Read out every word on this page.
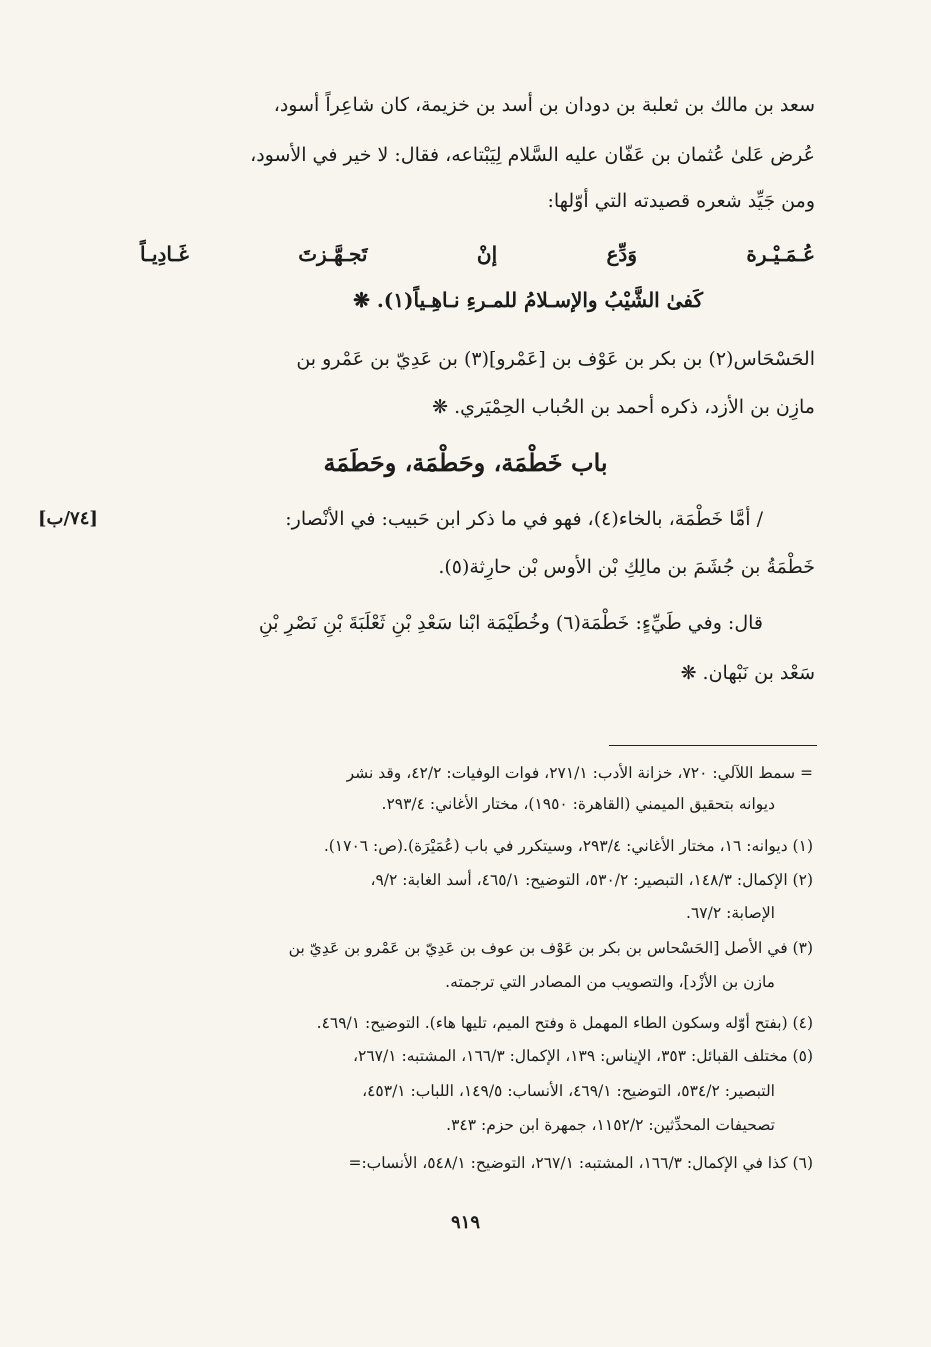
سعد بن مالك بن ثعلبة بن دودان بن أسد بن خزيمة، كان شاعِراً أسود،
عُرض عَلىٰ عُثمان بن عَفّان عليه السَّلام لِيَبْتاعه، فقال: لا خير في الأسود،
ومن جَيِّد شعره قصيدته التي أوّلها:
عُـمَـيْـرة
وَدِّع
إنْ
تَجـهَّـزتَ
غَـادِيـاً
كَفىٰ الشَّيْبُ والإسـلامُ للمـرءِ نـاهِـياً(١). ❋
الحَسْحَاس(٢) بن بكر بن عَوْف بن [عَمْرو](٣) بن عَدِيّ بن عَمْرو بن
مازِن بن الأزد، ذكره أحمد بن الحُباب الحِمْيَري. ❋
باب خَطْمَة، وحَطْمَة، وحَطَمَة
[٧٤/ب]	/ أمَّا خَطْمَة، بالخاء(٤)، فهو في ما ذكر ابن حَبيب: في الأنْصار:
خَطْمَةُ بن جُشَمَ بن مالِكِ بْن الأوس بْن حارِثة(٥).
قال: وفي طَيِّءٍ: خَطْمَة(٦) وخُطَيْمَة ابْنا سَعْدِ بْنِ ثَعْلَبَةَ بْنِ نَصْرِ بْنِ
سَعْد بن نَبْهان. ❋
= سمط اللآلي: ٧٢٠، خزانة الأدب: ٢٧١/١، فوات الوفيات: ٤٢/٢، وقد نشر
ديوانه بتحقيق الميمني (القاهرة: ١٩٥٠)، مختار الأغاني: ٢٩٣/٤.
(١) ديوانه: ١٦، مختار الأغاني: ٢٩٣/٤، وسيتكرر في باب (عُمَيْرَة).(ص: ١٧٠٦).
(٢) الإكمال: ١٤٨/٣، التبصير: ٥٣٠/٢، التوضيح: ٤٦٥/١، أسد الغابة: ٩/٢،
الإصابة: ٦٧/٢.
(٣) في الأصل [الحَسْحاس بن بكر بن عَوْف بن عوف بن عَدِيّ بن عَمْرو بن عَدِيّ بن
مازن بن الأزْد]، والتصويب من المصادر التي ترجمته.
(٤) (بفتح أوّله وسكون الطاء المهمل ة وفتح الميم، تليها هاء). التوضيح: ٤٦٩/١.
(٥) مختلف القبائل: ٣٥٣، الإيناس: ١٣٩، الإكمال: ١٦٦/٣، المشتبه: ٢٦٧/١،
التبصير: ٥٣٤/٢، التوضيح: ٤٦٩/١، الأنساب: ١٤٩/٥، اللباب: ٤٥٣/١،
تصحيفات المحدِّثين: ١١٥٢/٢، جمهرة ابن حزم: ٣٤٣.
(٦) كذا في الإكمال: ١٦٦/٣، المشتبه: ٢٦٧/١، التوضيح: ٥٤٨/١، الأنساب:=
٩١٩
